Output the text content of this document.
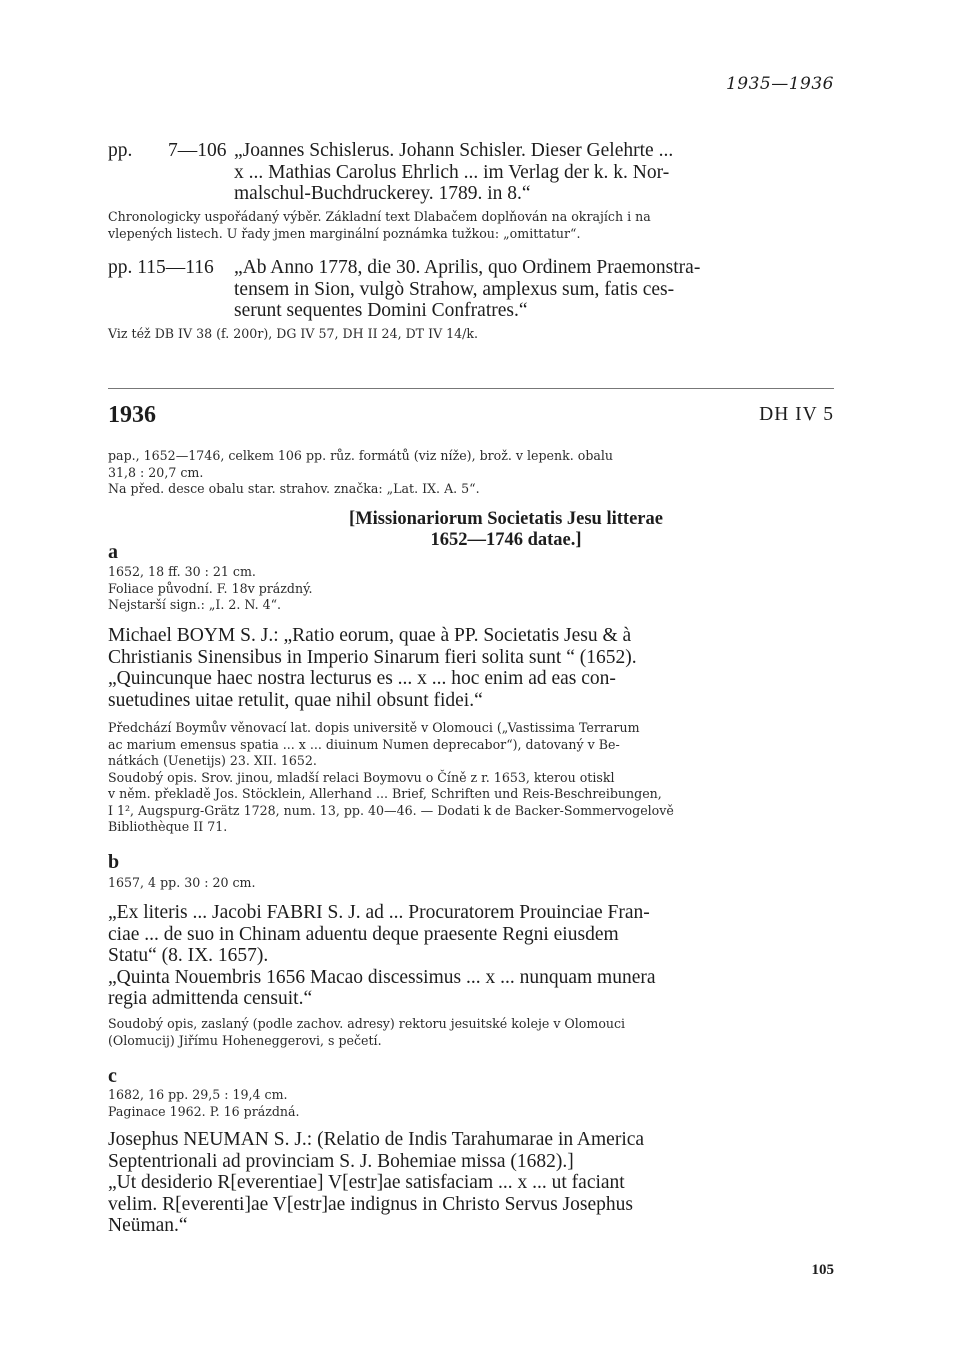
1935—1936
pp.	7—106 „Joannes Schislerus. Johann Schisler. Dieser Gelehrte ...
x ... Mathias Carolus Ehrlich ... im Verlag der k. k. Nor-
malschul-Buchdruckerey. 1789. in 8.“
Chronologicky uspořádaný výběr. Základní text Dlabačem doplňován na okrajích i na
vlepených listech. U řady jmen marginální poznámka tužkou: „omittatur“.
pp. 115—116	„Ab Anno 1778, die 30. Aprilis, quo Ordinem Praemonstra-
tensem in Sion, vulgò Strahow, amplexus sum, fatis ces-
serunt sequentes Domini Confratres.“
Viz též DB IV 38 (f. 200r), DG IV 57, DH II 24, DT IV 14/k.
1936	DH IV 5
pap., 1652—1746, celkem 106 pp. růz. formátů (viz níže), brož. v lepenk. obalu
31,8 : 20,7 cm.
Na před. desce obalu star. strahov. značka: „Lat. IX. A. 5“.
[Missionariorum Societatis Jesu litterae
1652—1746 datae.]
a
1652, 18 ff. 30 : 21 cm.
Foliace původní. F. 18v prázdný.
Nejstarší sign.: „I. 2. N. 4“.
Michael BOYM S. J.: „Ratio eorum, quae à PP. Societatis Jesu & à
Christianis Sinensibus in Imperio Sinarum fieri solita sunt “ (1652).
„Quincunque haec nostra lecturus es ... x ... hoc enim ad eas con-
suetudines uitae retulit, quae nihil obsunt fidei.“
Předchází Boymův věnovací lat. dopis universitě v Olomouci („Vastissima Terrarum
ac marium emensus spatia ... x ... diuinum Numen deprecabor“), datovaný v Be-
nátkách (Uenetijs) 23. XII. 1652.
Soudobý opis. Srov. jinou, mladší relaci Boymovu o Číně z r. 1653, kterou otiskl
v něm. překladě Jos. Stöcklein, Allerhand ... Brief, Schriften und Reis-Beschreibungen,
I 1², Augspurg-Grätz 1728, num. 13, pp. 40—46. — Dodati k de Backer-Sommervogelově
Bibliothèque II 71.
b
1657, 4 pp. 30 : 20 cm.
„Ex literis ... Jacobi FABRI S. J. ad ... Procuratorem Prouinciae Fran-
ciae ... de suo in Chinam aduentu deque praesente Regni eiusdem
Statu“ (8. IX. 1657).
„Quinta Nouembris 1656 Macao discessimus ... x ... nunquam munera
regia admittenda censuit.“
Soudobý opis, zaslaný (podle zachov. adresy) rektoru jesuitské koleje v Olomouci
(Olomucij) Jiřímu Hoheneggerovi, s pečetí.
c
1682, 16 pp. 29,5 : 19,4 cm.
Paginace 1962. P. 16 prázdná.
Josephus NEUMAN S. J.: (Relatio de Indis Tarahumarae in America
Septentrionali ad provinciam S. J. Bohemiae missa (1682).]
„Ut desiderio R[everentiae] V[estr]ae satisfaciam ... x ... ut faciant
velim. R[everenti]ae V[estr]ae indignus in Christo Servus Josephus
Neüman.“
105
